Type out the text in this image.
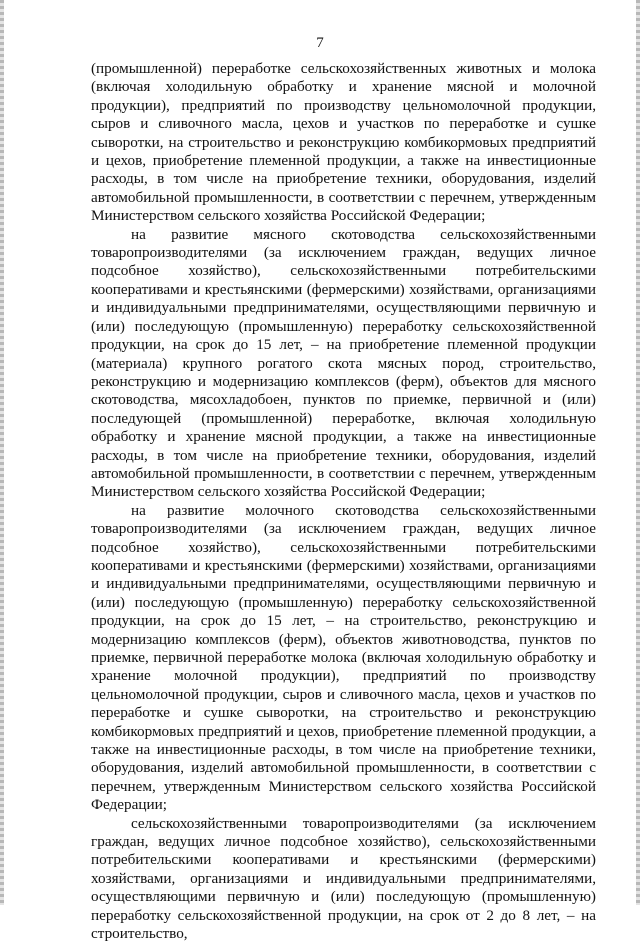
7

(промышленной) переработке сельскохозяйственных животных и молока (включая холодильную обработку и хранение мясной и молочной продукции), предприятий по производству цельномолочной продукции, сыров и сливочного масла, цехов и участков по переработке и сушке сыворотки, на строительство и реконструкцию комбикормовых предприятий и цехов, приобретение племенной продукции, а также на инвестиционные расходы, в том числе на приобретение техники, оборудования, изделий автомобильной промышленности, в соответствии с перечнем, утвержденным Министерством сельского хозяйства Российской Федерации;

на развитие мясного скотоводства сельскохозяйственными товаропроизводителями (за исключением граждан, ведущих личное подсобное хозяйство), сельскохозяйственными потребительскими кооперативами и крестьянскими (фермерскими) хозяйствами, организациями и индивидуальными предпринимателями, осуществляющими первичную и (или) последующую (промышленную) переработку сельскохозяйственной продукции, на срок до 15 лет, – на приобретение племенной продукции (материала) крупного рогатого скота мясных пород, строительство, реконструкцию и модернизацию комплексов (ферм), объектов для мясного скотоводства, мясохладобоен, пунктов по приемке, первичной и (или) последующей (промышленной) переработке, включая холодильную обработку и хранение мясной продукции, а также на инвестиционные расходы, в том числе на приобретение техники, оборудования, изделий автомобильной промышленности, в соответствии с перечнем, утвержденным Министерством сельского хозяйства Российской Федерации;

на развитие молочного скотоводства сельскохозяйственными товаропроизводителями (за исключением граждан, ведущих личное подсобное хозяйство), сельскохозяйственными потребительскими кооперативами и крестьянскими (фермерскими) хозяйствами, организациями и индивидуальными предпринимателями, осуществляющими первичную и (или) последующую (промышленную) переработку сельскохозяйственной продукции, на срок до 15 лет, – на строительство, реконструкцию и модернизацию комплексов (ферм), объектов животноводства, пунктов по приемке, первичной переработке молока (включая холодильную обработку и хранение молочной продукции), предприятий по производству цельномолочной продукции, сыров и сливочного масла, цехов и участков по переработке и сушке сыворотки, на строительство и реконструкцию комбикормовых предприятий и цехов, приобретение племенной продукции, а также на инвестиционные расходы, в том числе на приобретение техники, оборудования, изделий автомобильной промышленности, в соответствии с перечнем, утвержденным Министерством сельского хозяйства Российской Федерации;

сельскохозяйственными товаропроизводителями (за исключением граждан, ведущих личное подсобное хозяйство), сельскохозяйственными потребительскими кооперативами и крестьянскими (фермерскими) хозяйствами, организациями и индивидуальными предпринимателями, осуществляющими первичную и (или) последующую (промышленную) переработку сельскохозяйственной продукции, на срок от 2 до 8 лет, – на строительство,
